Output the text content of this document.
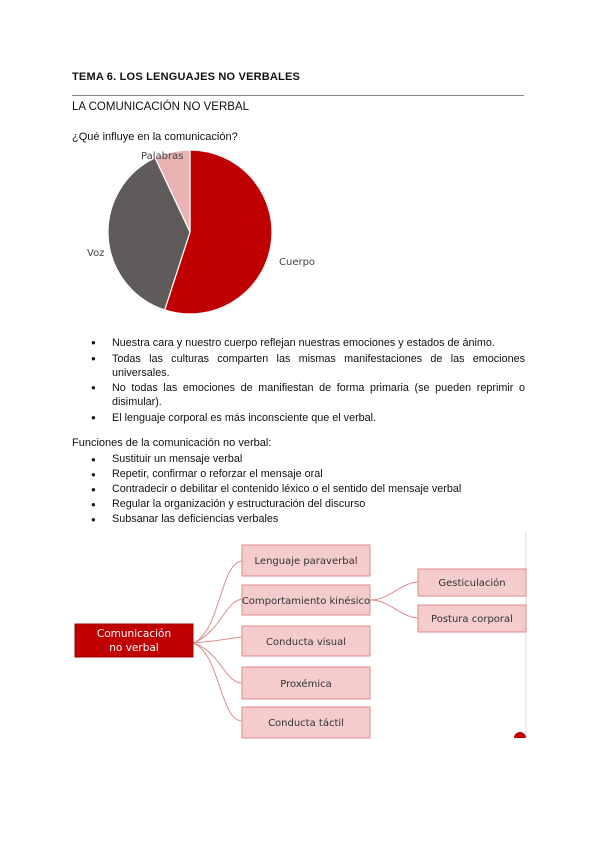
TEMA 6. LOS LENGUAJES NO VERBALES
LA COMUNICACIÓN NO VERBAL
¿Qué influye en la comunicación?
Cuerpo
Voz
Palabras
● Nuestra cara y nuestro cuerpo reflejan nuestras emociones y estados de ánimo.
● Todas las culturas comparten las mismas manifestaciones de las emociones universales.
● No todas las emociones de manifiestan de forma primaria (se pueden reprimir o disimular).
● El lenguaje corporal es más inconsciente que el verbal.
Funciones de la comunicación no verbal:
● Sustituir un mensaje verbal
● Repetir, confirmar o reforzar el mensaje oral
● Contradecir o debilitar el contenido léxico o el sentido del mensaje verbal
● Regular la organización y estructuración del discurso
● Subsanar las deficiencias verbales
Comunicación
no verbal
Lenguaje paraverbal
Comportamiento kinésico
Conducta visual
Proxémica
Conducta táctil
Gesticulación
Postura corporal
